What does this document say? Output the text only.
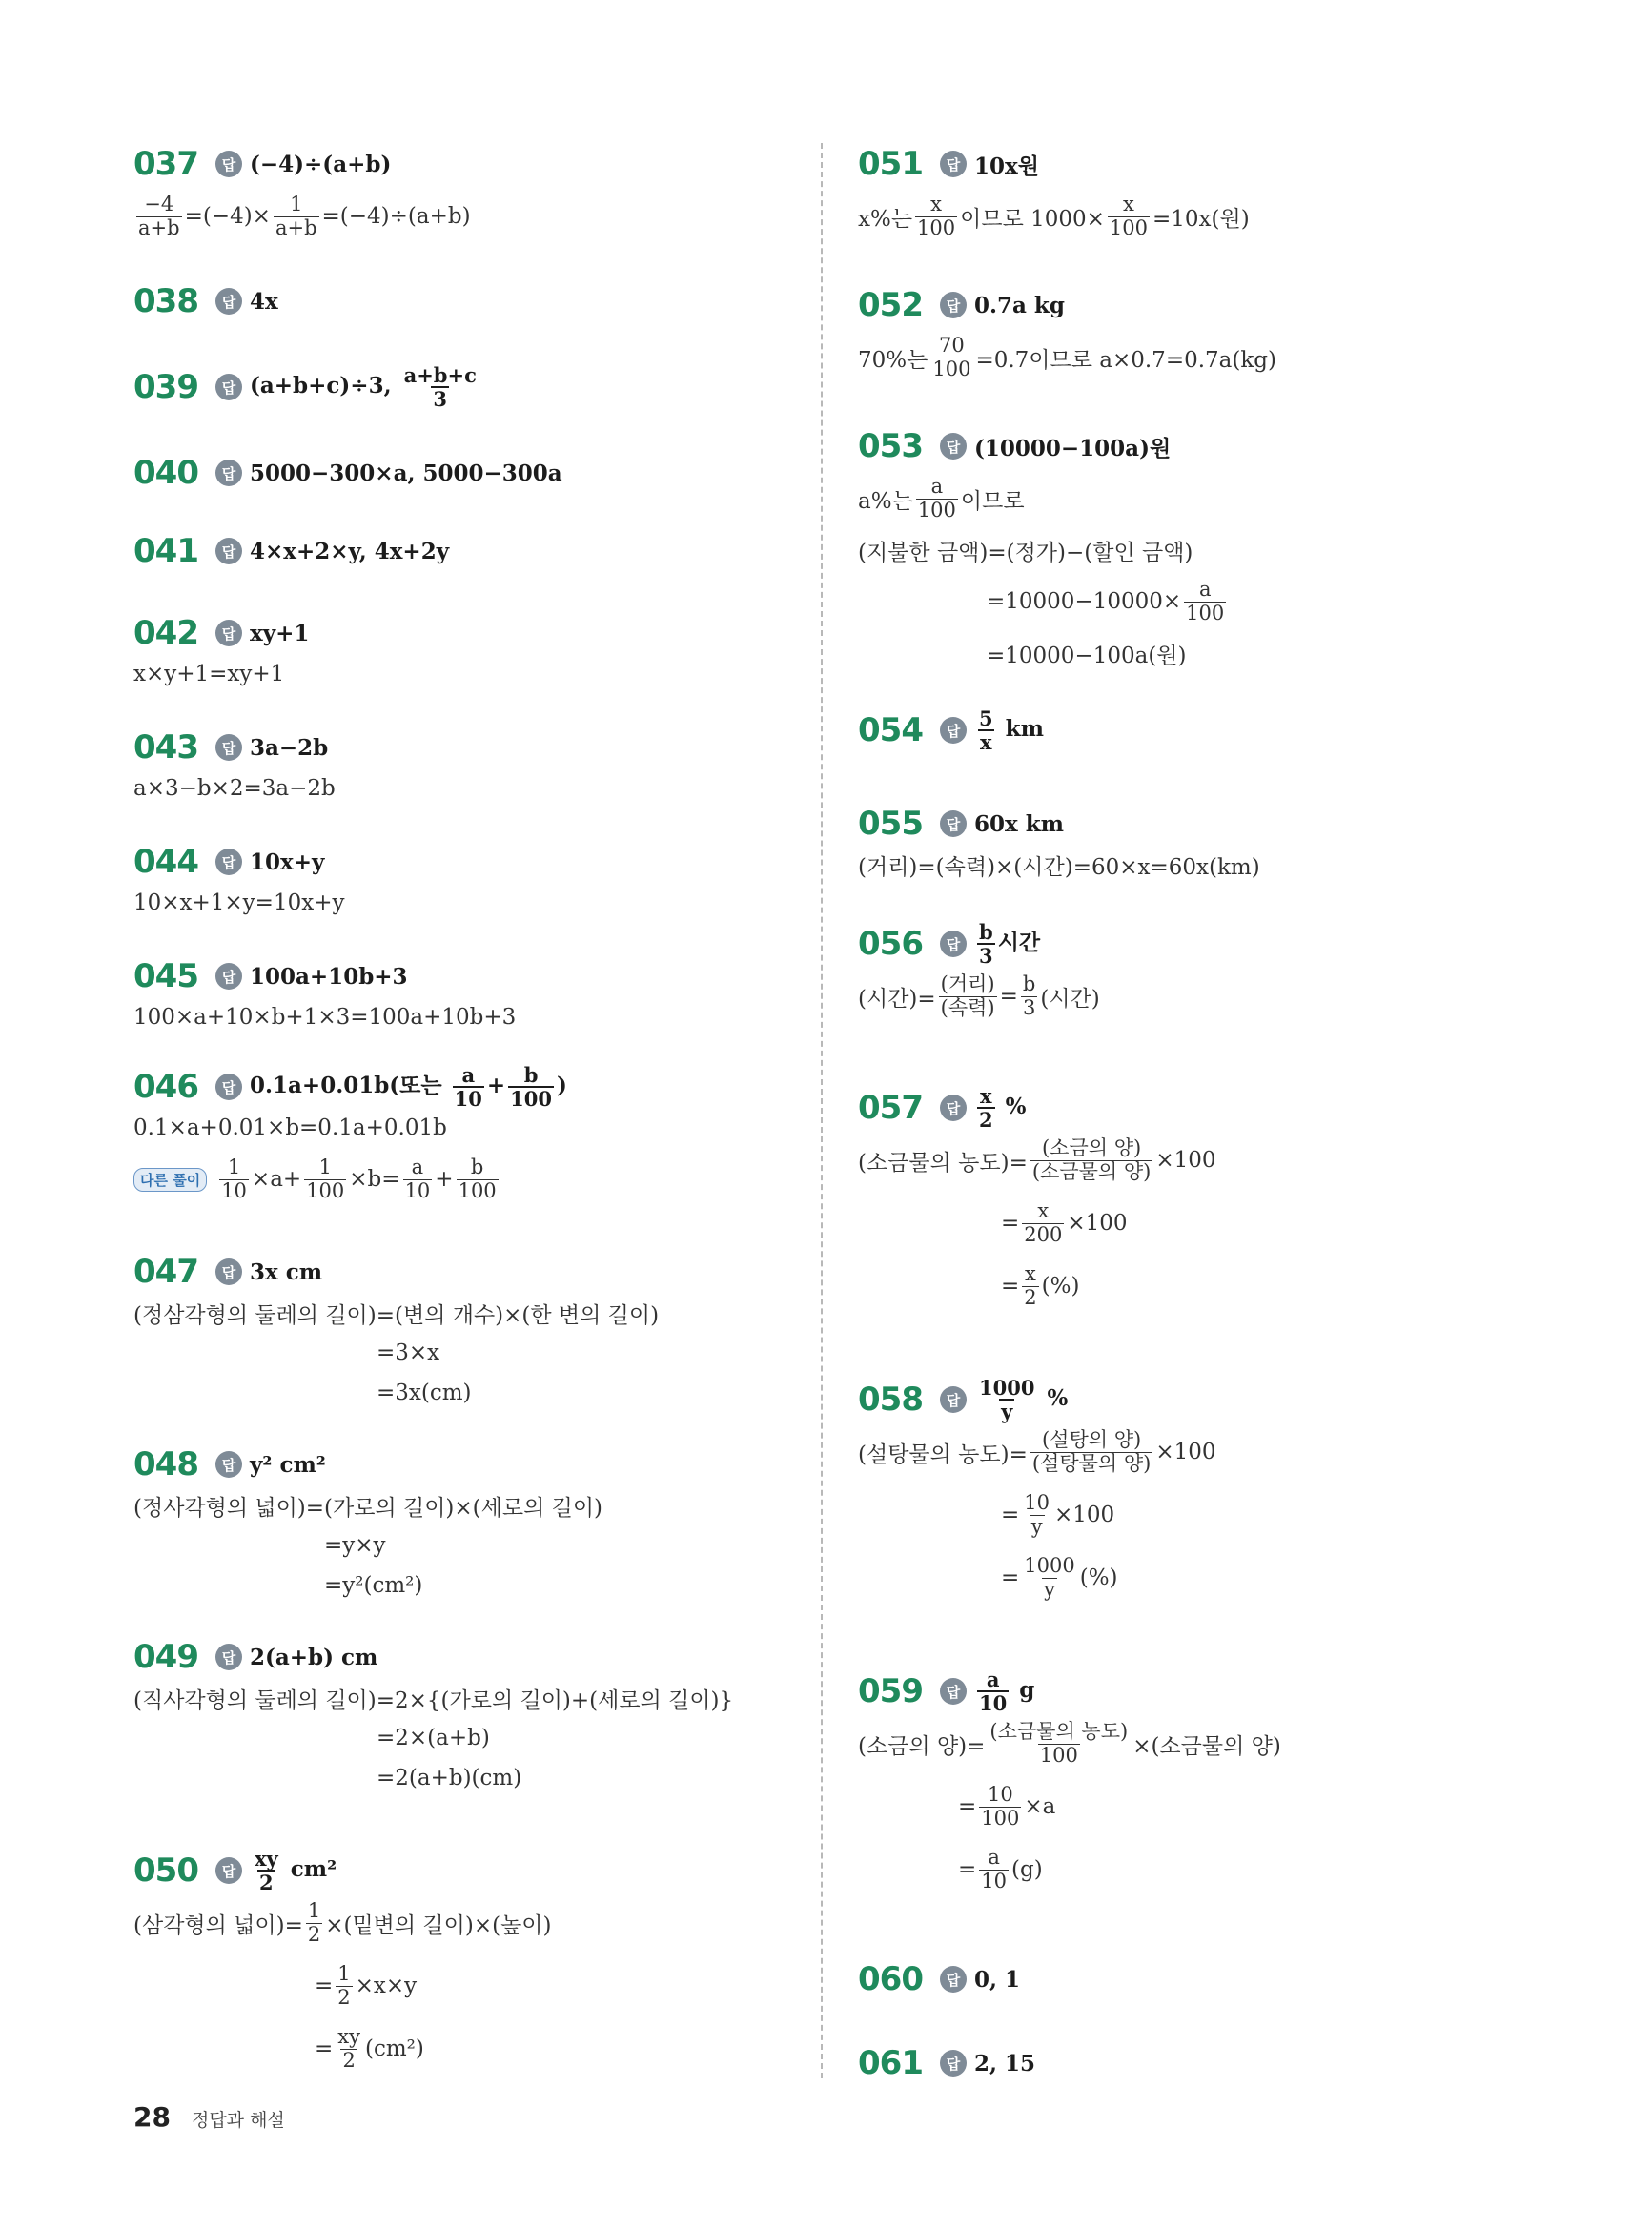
037	답 (−4)÷(a+b)
$\frac{-4}{a+b} =(-4)\times \frac{1}{a+b} =(-4)\div(a+b)$
038	답 4x
039	답 (a+b+c)÷3, $\frac{a+b+c}{3}$
040	답 5000−300×a, 5000−300a
041	답 4×x+2×y, 4x+2y
042	답 xy+1
x×y+1=xy+1
043	답 3a−2b
a×3−b×2=3a−2b
044	답 10x+y
10×x+1×y=10x+y
045	답 100a+10b+3
100×a+10×b+1×3=100a+10b+3
046	답 0.1a+0.01b(또는 $\frac{a}{10} + \frac{b}{100}$ )
0.1×a+0.01×b=0.1a+0.01b
다른 풀이 $\frac{1}{10} \times a+ \frac{1}{100} \times b= \frac{a}{10} + \frac{b}{100}$
047	답 3x cm
(정삼각형의 둘레의 길이)=(변의 개수)×(한 변의 길이)
=3×x
=3x(cm)
048	답 y² cm²
(정사각형의 넓이)=(가로의 길이)×(세로의 길이)
=y×y
=y²(cm²)
049	답 2(a+b) cm
(직사각형의 둘레의 길이)=2×{(가로의 길이)+(세로의 길이)}
=2×(a+b)
=2(a+b)(cm)
050	답 $\frac{xy}{2} cm^2$
(삼각형의 넓이)= $\frac{1}{2}$ ×(밑변의 길이)×(높이)
= $\frac{1}{2} \times x\times y$
= $\frac{xy}{2} (cm^2)$
051	답 10x원
x%는 $\frac{x}{100}$ 이므로 $1000\times \frac{x}{100} =10x$(원)
052	답 0.7a kg
70%는 $\frac{70}{100} =0.7$이므로 a×0.7=0.7a(kg)
053	답 (10000−100a)원
a%는 $\frac{a}{100}$ 이므로
(지불한 금액)=(정가)−(할인 금액)
$=10000-10000\times \frac{a}{100}$
=10000−100a(원)
054	답 $\frac{5}{x}$ km
055	답 60x km
(거리)=(속력)×(시간)=60×x=60x(km)
056	답 $\frac{b}{3}$ 시간
(시간)= $\frac{\text{(거리)}}{\text{(속력)}} = \frac{b}{3}$ (시간)
057	답 $\frac{x}{2}$ %
(소금물의 농도)= $\frac{\text{(소금의 양)}}{\text{(소금물의 양)}} \times 100$
= $\frac{x}{200} \times 100$
= $\frac{x}{2}$ (%)
058	답 $\frac{1000}{y}$ %
(설탕물의 농도)= $\frac{\text{(설탕의 양)}}{\text{(설탕물의 양)}} \times 100$
= $\frac{10}{y} \times 100$
= $\frac{1000}{y}$ (%)
059	답 $\frac{a}{10}$ g
(소금의 양)= $\frac{\text{(소금물의 농도)}}{100}$ ×(소금물의 양)
= $\frac{10}{100} \times a$
= $\frac{a}{10} (g)$
060	답 0, 1
061	답 2, 15
28 정답과 해설
